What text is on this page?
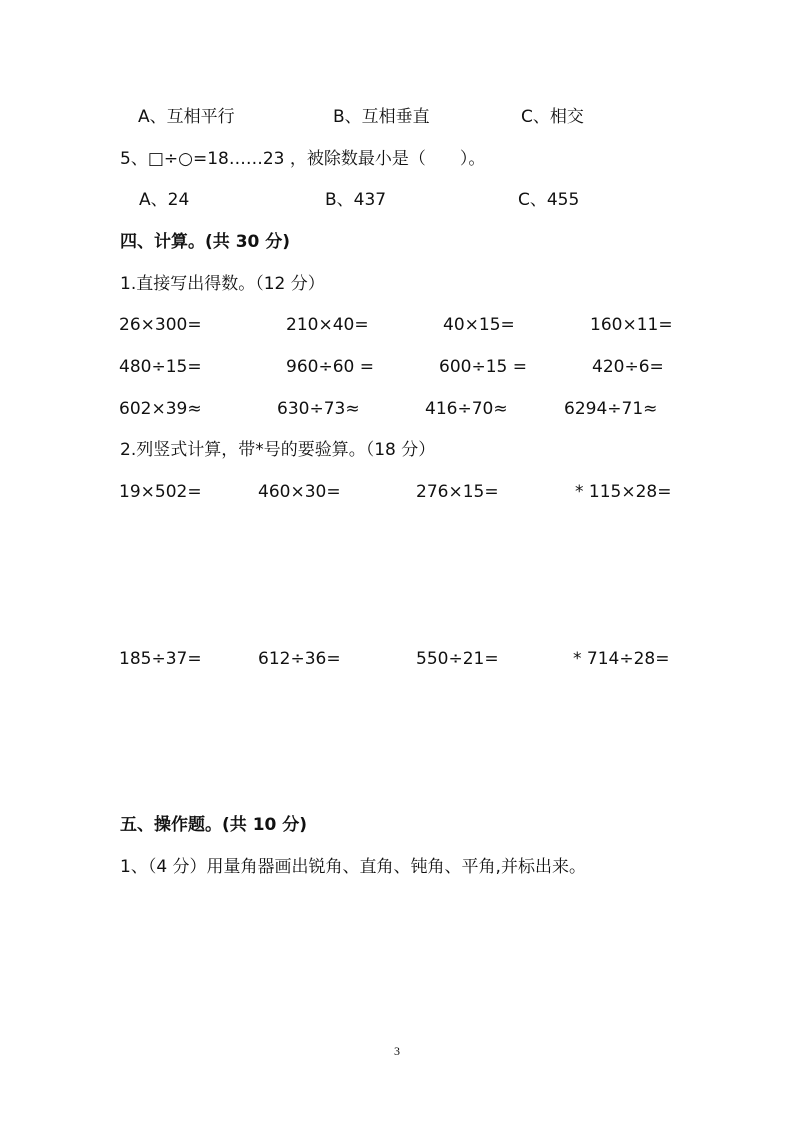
A、互相平行	B、互相垂直	C、相交
5、□÷○=18……23 ，被除数最小是（　　）。
A、24	B、437	C、455
四、计算。(共 30 分)
1.直接写出得数。（12 分）
26×300=	210×40=	40×15=	160×11=
480÷15=	960÷60 =	600÷15 =	420÷6=
602×39≈	630÷73≈	416÷70≈	6294÷71≈
2.列竖式计算，带*号的要验算。（18 分）
19×502=	460×30=	276×15=	* 115×28=
185÷37=	612÷36=	550÷21=	* 714÷28=
五、操作题。(共 10 分)
1、（4 分）用量角器画出锐角、直角、钝角、平角,并标出来。
3
